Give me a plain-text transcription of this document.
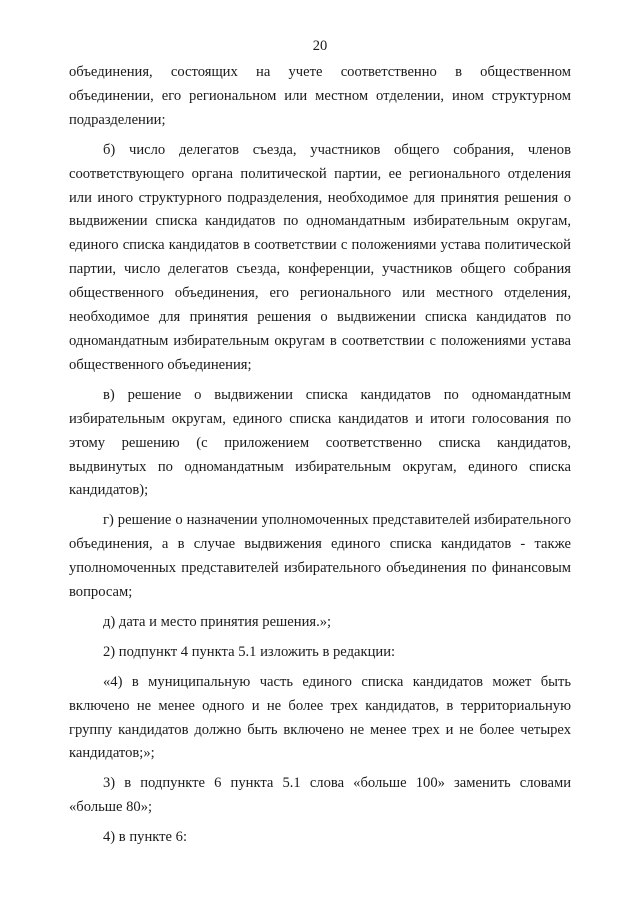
20

объединения, состоящих на учете соответственно в общественном объединении, его региональном или местном отделении, ином структурном подразделении;

б) число делегатов съезда, участников общего собрания, членов соответствующего органа политической партии, ее регионального отделения или иного структурного подразделения, необходимое для принятия решения о выдвижении списка кандидатов по одномандатным избирательным округам, единого списка кандидатов в соответствии с положениями устава политической партии, число делегатов съезда, конференции, участников общего собрания общественного объединения, его регионального или местного отделения, необходимое для принятия решения о выдвижении списка кандидатов по одномандатным избирательным округам в соответствии с положениями устава общественного объединения;

в) решение о выдвижении списка кандидатов по одномандатным избирательным округам, единого списка кандидатов и итоги голосования по этому решению (с приложением соответственно списка кандидатов, выдвинутых по одномандатным избирательным округам, единого списка кандидатов);

г) решение о назначении уполномоченных представителей избирательного объединения, а в случае выдвижения единого списка кандидатов - также уполномоченных представителей избирательного объединения по финансовым вопросам;

д) дата и место принятия решения.»;

2) подпункт 4 пункта 5.1 изложить в редакции:

«4) в муниципальную часть единого списка кандидатов может быть включено не менее одного и не более трех кандидатов, в территориальную группу кандидатов должно быть включено не менее трех и не более четырех кандидатов;»;

3) в подпункте 6 пункта 5.1 слова «больше 100» заменить словами «больше 80»;

4) в пункте 6:
